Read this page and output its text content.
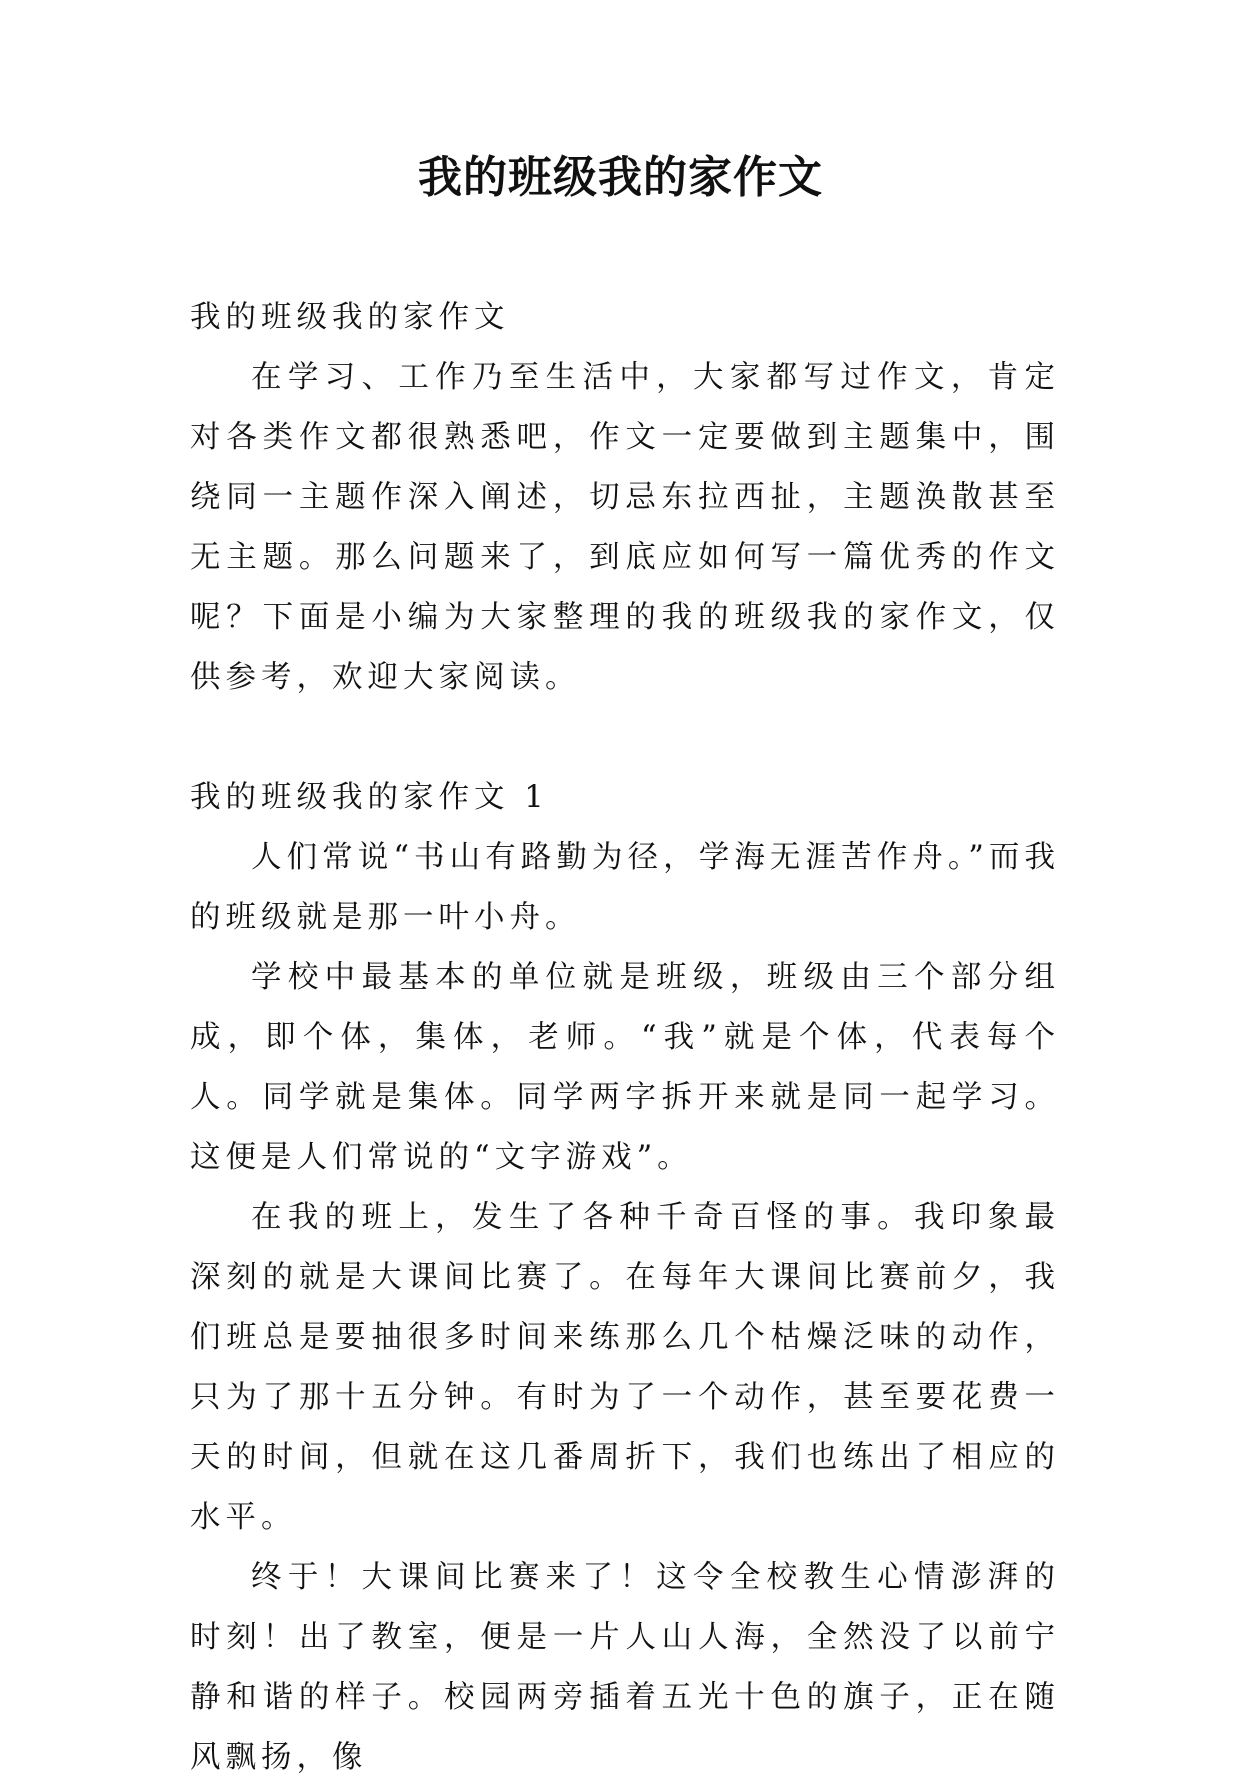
我的班级我的家作文

我的班级我的家作文

在学习、工作乃至生活中，大家都写过作文，肯定对各类作文都很熟悉吧，作文一定要做到主题集中，围绕同一主题作深入阐述，切忌东拉西扯，主题涣散甚至无主题。那么问题来了，到底应如何写一篇优秀的作文呢？下面是小编为大家整理的我的班级我的家作文，仅供参考，欢迎大家阅读。

我的班级我的家作文 1

人们常说“书山有路勤为径，学海无涯苦作舟。”而我的班级就是那一叶小舟。

学校中最基本的单位就是班级，班级由三个部分组成，即个体，集体，老师。“我”就是个体，代表每个人。同学就是集体。同学两字拆开来就是同一起学习。这便是人们常说的“文字游戏”。

在我的班上，发生了各种千奇百怪的事。我印象最深刻的就是大课间比赛了。在每年大课间比赛前夕，我们班总是要抽很多时间来练那么几个枯燥泛味的动作，只为了那十五分钟。有时为了一个动作，甚至要花费一天的时间，但就在这几番周折下，我们也练出了相应的水平。

终于！大课间比赛来了！这令全校教生心情澎湃的时刻！出了教室，便是一片人山人海，全然没了以前宁静和谐的样子。校园两旁插着五光十色的旗子，正在随风飘扬，像
